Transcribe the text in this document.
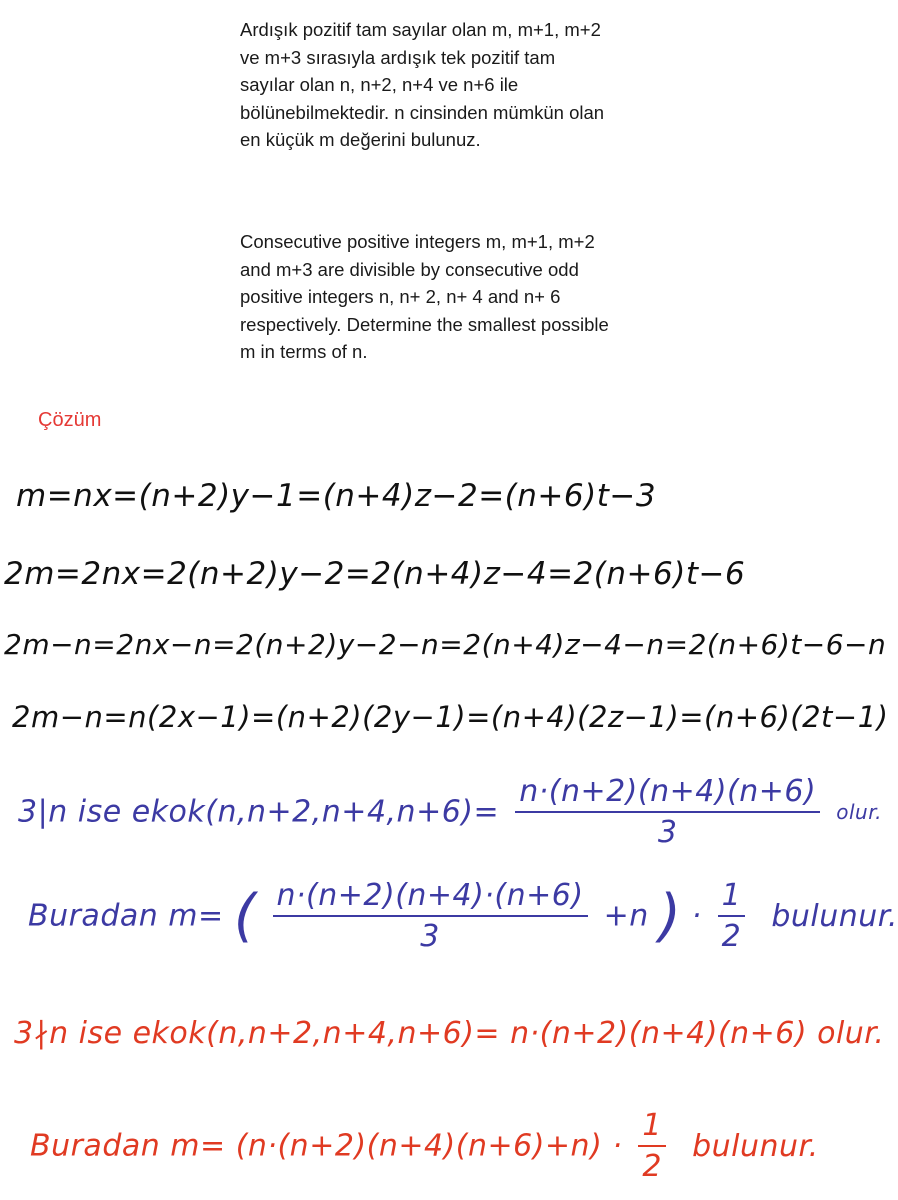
Ardışık pozitif tam sayılar olan m, m+1, m+2 ve m+3 sırasıyla ardışık tek pozitif tam sayılar olan n, n+2, n+4 ve n+6 ile bölünebilmektedir. n cinsinden mümkün olan en küçük m değerini bulunuz.

Consecutive positive integers m, m+1, m+2 and m+3 are divisible by consecutive odd positive integers n, n+ 2, n+ 4 and n+ 6 respectively. Determine the smallest possible m in terms of n.

Çözüm

m=nx=(n+2)y−1=(n+4)z−2=(n+6)t−3

2m=2nx=2(n+2)y−2=2(n+4)z−4=2(n+6)t−6

2m−n=2nx−n=2(n+2)y−2−n=2(n+4)z−4−n=2(n+6)t−6−n

2m−n=n(2x−1)=(n+2)(2y−1)=(n+4)(2z−1)=(n+6)(2t−1)

3|n ise ekok(n,n+2,n+4,n+6)= $\frac{n\cdot(n+2)(n+4)(n+6)}{3}$ olur.
Buradan m= ( $\frac{n\cdot(n+2)(n+4)\cdot(n+6)}{3} +n$ ) · $\frac{1}{2}$ bulunur.

3∤n ise ekok(n,n+2,n+4,n+6)= n·(n+2)(n+4)(n+6) olur.

Buradan $m= (n\cdot(n+2)(n+4)(n+6)+n) \cdot \frac{1}{2}$ bulunur.
